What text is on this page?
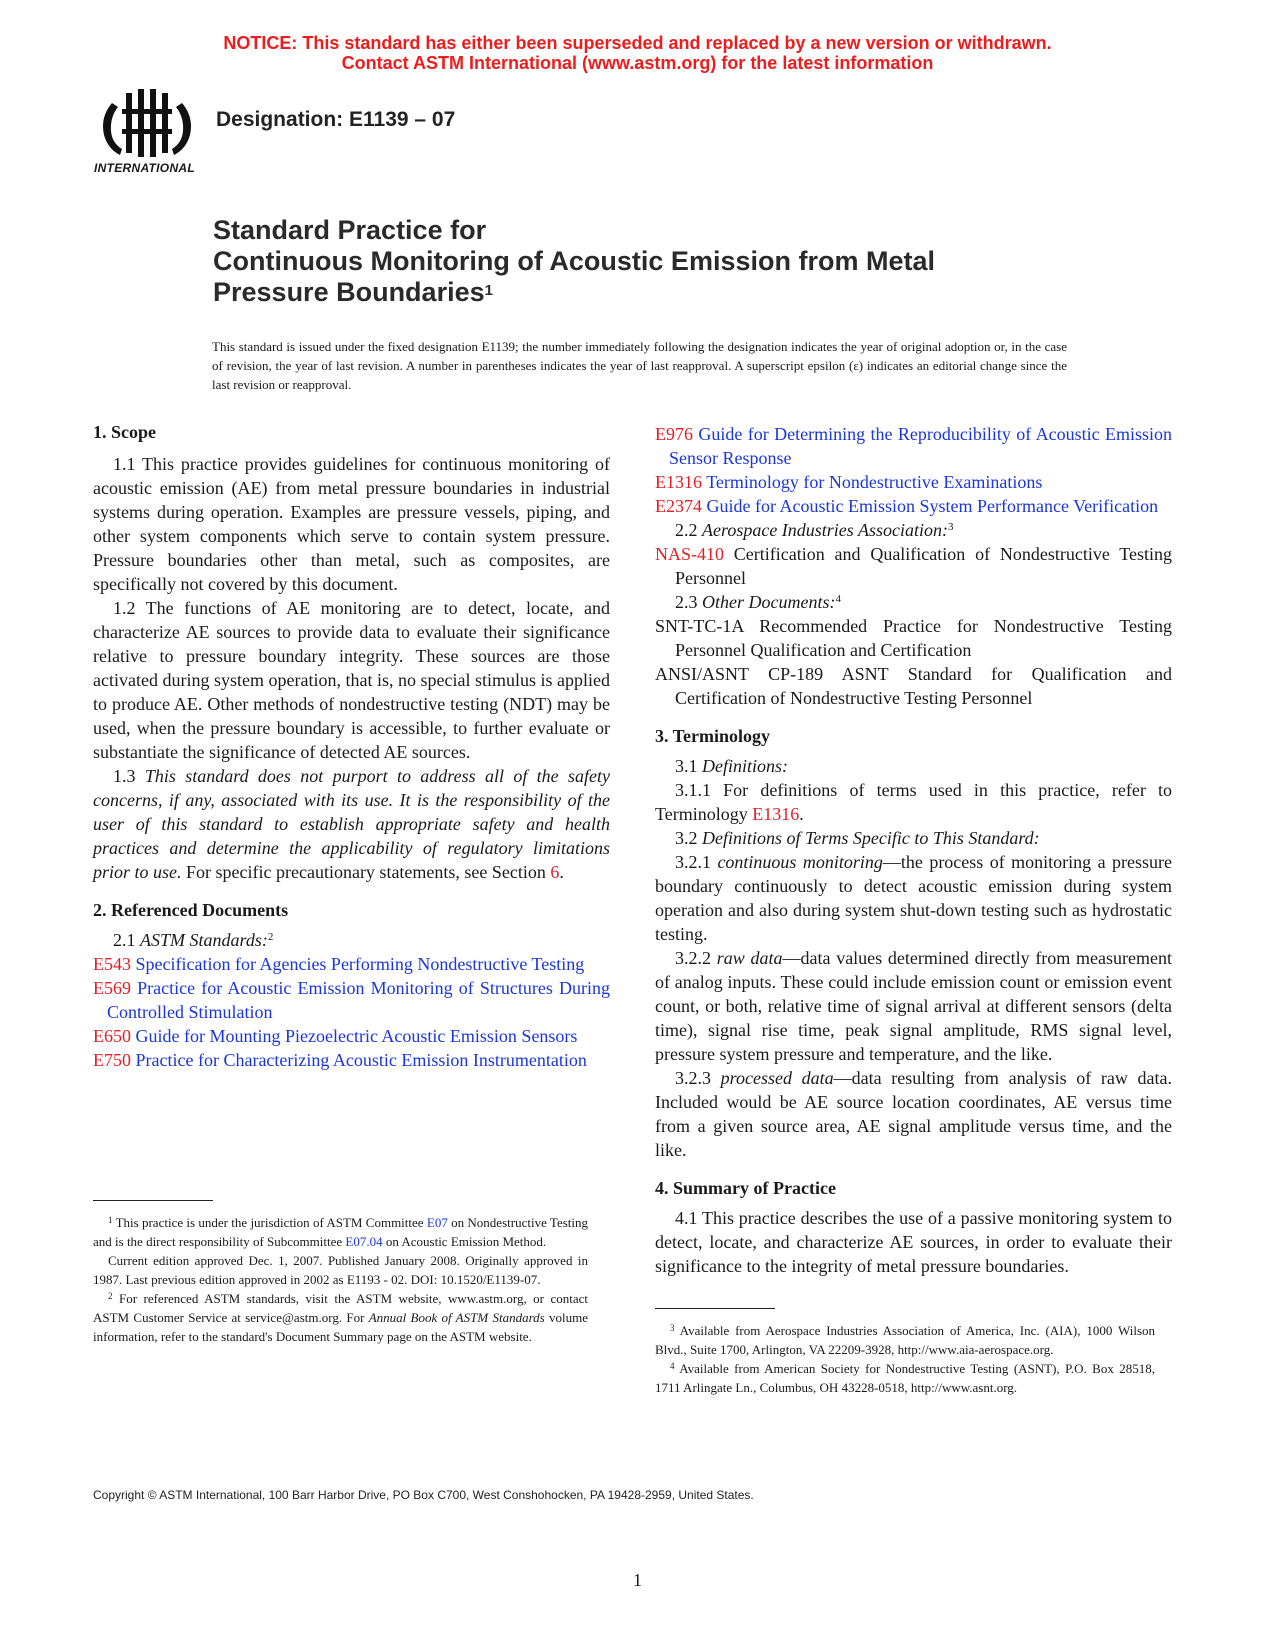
NOTICE: This standard has either been superseded and replaced by a new version or withdrawn.
Contact ASTM International (www.astm.org) for the latest information
INTERNATIONAL
Designation: E1139 – 07
Standard Practice for
Continuous Monitoring of Acoustic Emission from Metal
Pressure Boundaries$^1$
This standard is issued under the fixed designation E1139; the number immediately following the designation indicates the year of original adoption or, in the case of revision, the year of last revision. A number in parentheses indicates the year of last reapproval. A superscript epsilon (ε) indicates an editorial change since the last revision or reapproval.
1. Scope

1.1 This practice provides guidelines for continuous monitoring of acoustic emission (AE) from metal pressure boundaries in industrial systems during operation. Examples are pressure vessels, piping, and other system components which serve to contain system pressure. Pressure boundaries other than metal, such as composites, are specifically not covered by this document.

1.2 The functions of AE monitoring are to detect, locate, and characterize AE sources to provide data to evaluate their significance relative to pressure boundary integrity. These sources are those activated during system operation, that is, no special stimulus is applied to produce AE. Other methods of nondestructive testing (NDT) may be used, when the pressure boundary is accessible, to further evaluate or substantiate the significance of detected AE sources.

1.3 This standard does not purport to address all of the safety concerns, if any, associated with its use. It is the responsibility of the user of this standard to establish appropriate safety and health practices and determine the applicability of regulatory limitations prior to use. For specific precautionary statements, see Section 6.

2. Referenced Documents

2.1 ASTM Standards:$^2$

E543 Specification for Agencies Performing Nondestructive Testing
E569 Practice for Acoustic Emission Monitoring of Structures During Controlled Stimulation
E650 Guide for Mounting Piezoelectric Acoustic Emission Sensors
E750 Practice for Characterizing Acoustic Emission Instrumentation

$^1$ This practice is under the jurisdiction of ASTM Committee E07 on Nondestructive Testing and is the direct responsibility of Subcommittee E07.04 on Acoustic Emission Method.

Current edition approved Dec. 1, 2007. Published January 2008. Originally approved in 1987. Last previous edition approved in 2002 as E1193 - 02. DOI: 10.1520/E1139-07.

$^2$ For referenced ASTM standards, visit the ASTM website, www.astm.org, or contact ASTM Customer Service at service@astm.org. For Annual Book of ASTM Standards volume information, refer to the standard's Document Summary page on the ASTM website.

E976 Guide for Determining the Reproducibility of Acoustic Emission Sensor Response
E1316 Terminology for Nondestructive Examinations
E2374 Guide for Acoustic Emission System Performance Verification

2.2 Aerospace Industries Association:$^3$

NAS-410 Certification and Qualification of Nondestructive Testing Personnel

2.3 Other Documents:$^4$

SNT-TC-1A Recommended Practice for Nondestructive Testing Personnel Qualification and Certification
ANSI/ASNT CP-189 ASNT Standard for Qualification and Certification of Nondestructive Testing Personnel
3. Terminology

3.1 Definitions:

3.1.1 For definitions of terms used in this practice, refer to Terminology E1316.

3.2 Definitions of Terms Specific to This Standard:

3.2.1 continuous monitoring—the process of monitoring a pressure boundary continuously to detect acoustic emission during system operation and also during system shut-down testing such as hydrostatic testing.

3.2.2 raw data—data values determined directly from measurement of analog inputs. These could include emission count or emission event count, or both, relative time of signal arrival at different sensors (delta time), signal rise time, peak signal amplitude, RMS signal level, pressure system pressure and temperature, and the like.

3.2.3 processed data—data resulting from analysis of raw data. Included would be AE source location coordinates, AE versus time from a given source area, AE signal amplitude versus time, and the like.

4. Summary of Practice

4.1 This practice describes the use of a passive monitoring system to detect, locate, and characterize AE sources, in order to evaluate their significance to the integrity of metal pressure boundaries.

$^3$ Available from Aerospace Industries Association of America, Inc. (AIA), 1000 Wilson Blvd., Suite 1700, Arlington, VA 22209-3928, http://www.aia-aerospace.org.

$^4$ Available from American Society for Nondestructive Testing (ASNT), P.O. Box 28518, 1711 Arlingate Ln., Columbus, OH 43228-0518, http://www.asnt.org.

Copyright © ASTM International, 100 Barr Harbor Drive, PO Box C700, West Conshohocken, PA 19428-2959, United States.
1
